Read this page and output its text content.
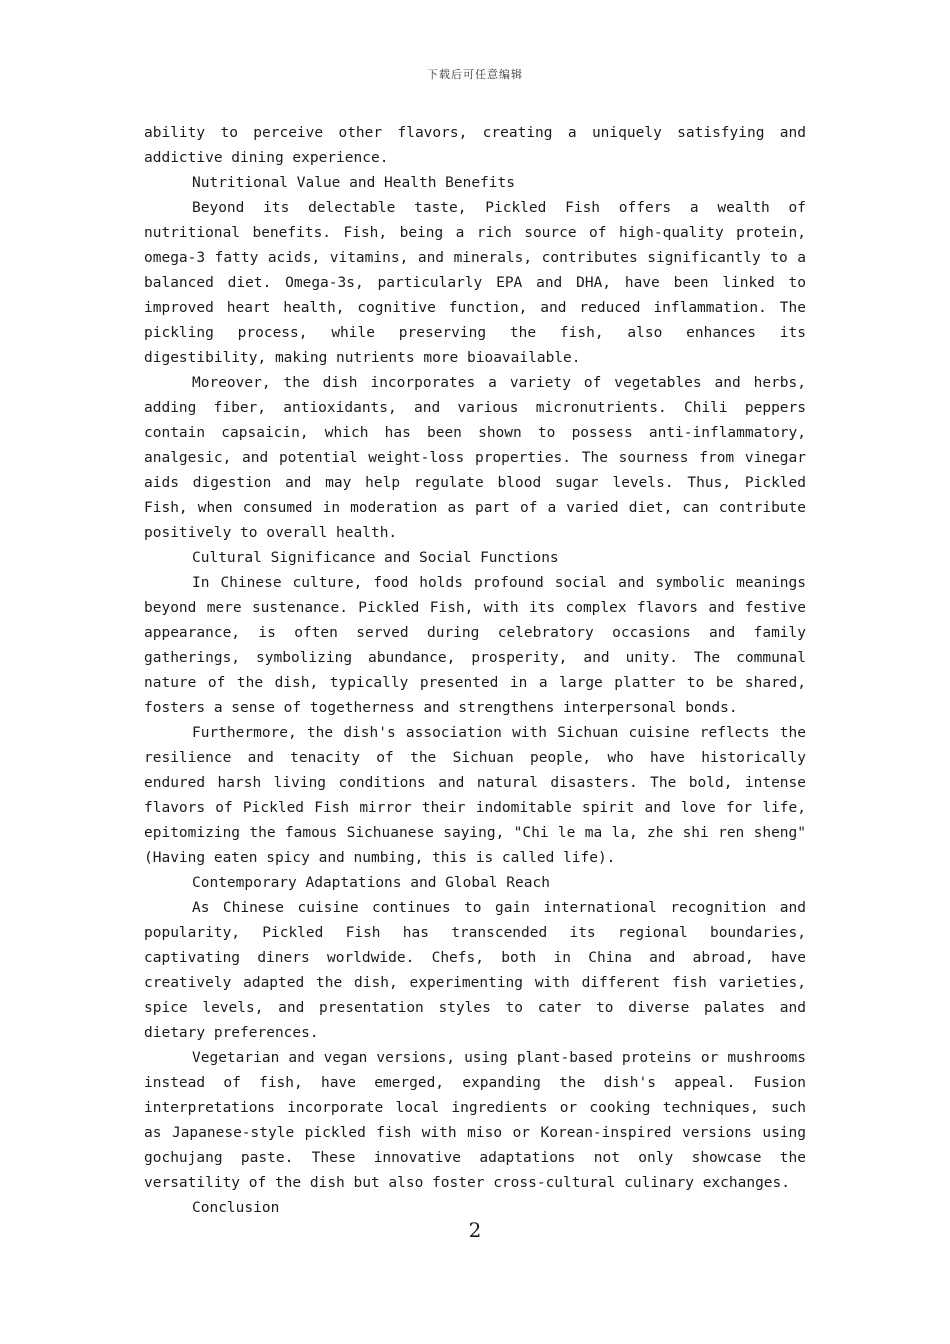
下载后可任意编辑
ability to perceive other flavors, creating a uniquely satisfying and
addictive dining experience.
Nutritional Value and Health Benefits
Beyond its delectable taste, Pickled Fish offers a wealth of
nutritional benefits. Fish, being a rich source of high-quality protein,
omega-3 fatty acids, vitamins, and minerals, contributes significantly to a
balanced diet. Omega-3s, particularly EPA and DHA, have been linked to
improved heart health, cognitive function, and reduced inflammation. The
pickling process, while preserving the fish, also enhances its
digestibility, making nutrients more bioavailable.
Moreover, the dish incorporates a variety of vegetables and herbs,
adding fiber, antioxidants, and various micronutrients. Chili peppers
contain capsaicin, which has been shown to possess anti-inflammatory,
analgesic, and potential weight-loss properties. The sourness from vinegar
aids digestion and may help regulate blood sugar levels. Thus, Pickled
Fish, when consumed in moderation as part of a varied diet, can contribute
positively to overall health.
Cultural Significance and Social Functions
In Chinese culture, food holds profound social and symbolic meanings
beyond mere sustenance. Pickled Fish, with its complex flavors and festive
appearance, is often served during celebratory occasions and family
gatherings, symbolizing abundance, prosperity, and unity. The communal
nature of the dish, typically presented in a large platter to be shared,
fosters a sense of togetherness and strengthens interpersonal bonds.
Furthermore, the dish's association with Sichuan cuisine reflects the
resilience and tenacity of the Sichuan people, who have historically
endured harsh living conditions and natural disasters. The bold, intense
flavors of Pickled Fish mirror their indomitable spirit and love for life,
epitomizing the famous Sichuanese saying, "Chi le ma la, zhe shi ren sheng"
(Having eaten spicy and numbing, this is called life).
Contemporary Adaptations and Global Reach
As Chinese cuisine continues to gain international recognition and
popularity, Pickled Fish has transcended its regional boundaries,
captivating diners worldwide. Chefs, both in China and abroad, have
creatively adapted the dish, experimenting with different fish varieties,
spice levels, and presentation styles to cater to diverse palates and
dietary preferences.
Vegetarian and vegan versions, using plant-based proteins or mushrooms
instead of fish, have emerged, expanding the dish's appeal. Fusion
interpretations incorporate local ingredients or cooking techniques, such
as Japanese-style pickled fish with miso or Korean-inspired versions using
gochujang paste. These innovative adaptations not only showcase the
versatility of the dish but also foster cross-cultural culinary exchanges.
Conclusion
2
